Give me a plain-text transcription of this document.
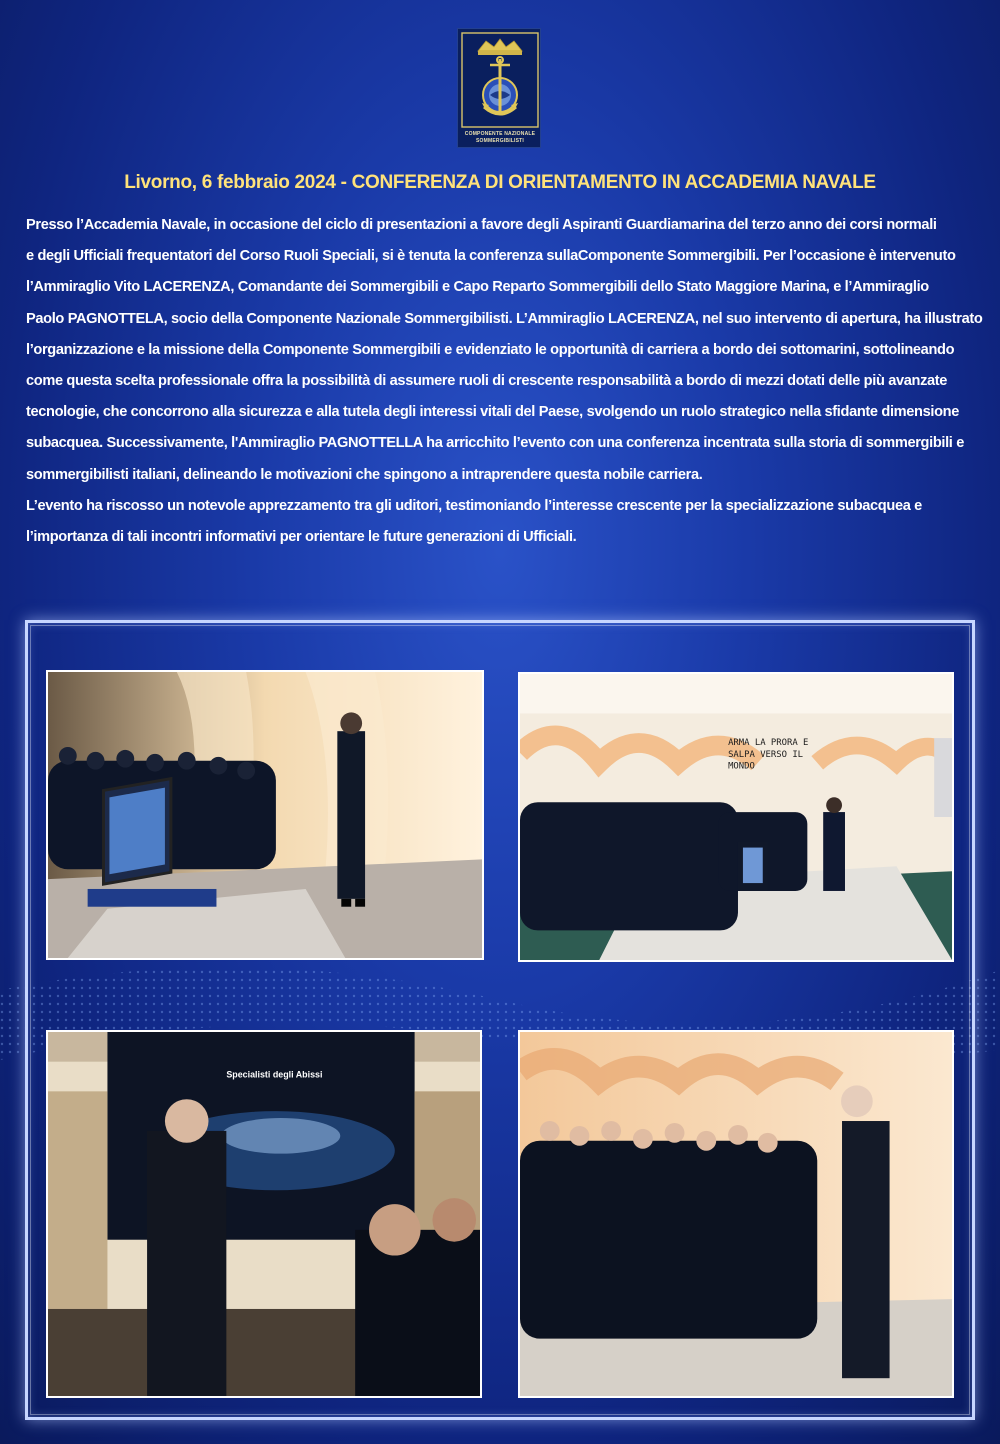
COMPONENTE NAZIONALE
SOMMERGIBILISTI
Livorno, 6 febbraio 2024 - CONFERENZA DI ORIENTAMENTO IN ACCADEMIA NAVALE

Presso l’Accademia Navale, in occasione del ciclo di presentazioni a favore degli Aspiranti Guardiamarina del terzo anno dei corsi normali

e degli Ufficiali frequentatori del Corso Ruoli Speciali, si è tenuta la conferenza sullaComponente Sommergibili. Per l’occasione è intervenuto

l’Ammiraglio Vito LACERENZA, Comandante dei Sommergibili e Capo Reparto Sommergibili dello Stato Maggiore Marina, e l’Ammiraglio

Paolo PAGNOTTELA, socio della Componente Nazionale Sommergibilisti. L’Ammiraglio LACERENZA, nel suo intervento di apertura, ha illustrato

l’organizzazione e la missione della Componente Sommergibili e evidenziato le opportunità di carriera a bordo dei sottomarini, sottolineando

come questa scelta professionale offra la possibilità di assumere ruoli di crescente responsabilità a bordo di mezzi dotati delle più avanzate

tecnologie, che concorrono alla sicurezza e alla tutela degli interessi vitali del Paese, svolgendo un ruolo strategico nella sfidante dimensione

subacquea. Successivamente, l'Ammiraglio PAGNOTTELLA ha arricchito l’evento con una conferenza incentrata sulla storia di sommergibili e

sommergibilisti italiani, delineando le motivazioni che spingono a intraprendere questa nobile carriera.

L’evento ha riscosso un notevole apprezzamento tra gli uditori, testimoniando l’interesse crescente per la specializzazione subacquea e

l’importanza di tali incontri informativi per orientare le future generazioni di Ufficiali.

ARMA LA PRORA E
SALPA VERSO IL
MONDO
Specialisti degli Abissi
